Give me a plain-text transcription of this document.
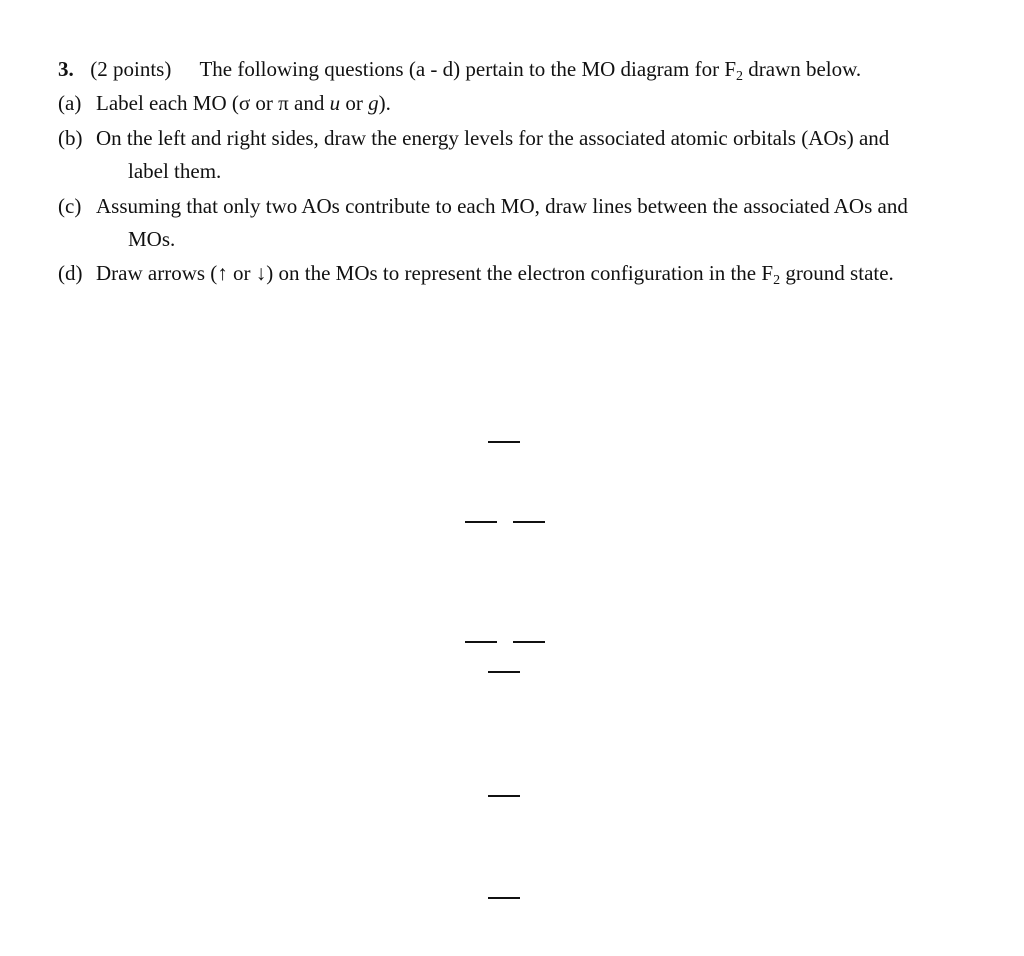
3. (2 points) The following questions (a - d) pertain to the MO diagram for $F_2$ drawn below.
(a) Label each MO (σ or π and u or g).
(b) On the left and right sides, draw the energy levels for the associated atomic orbitals (AOs) and
label them.
(c) Assuming that only two AOs contribute to each MO, draw lines between the associated AOs and
MOs.
(d) Draw arrows (↑ or ↓) on the MOs to represent the electron configuration in the $F_2$ ground state.
